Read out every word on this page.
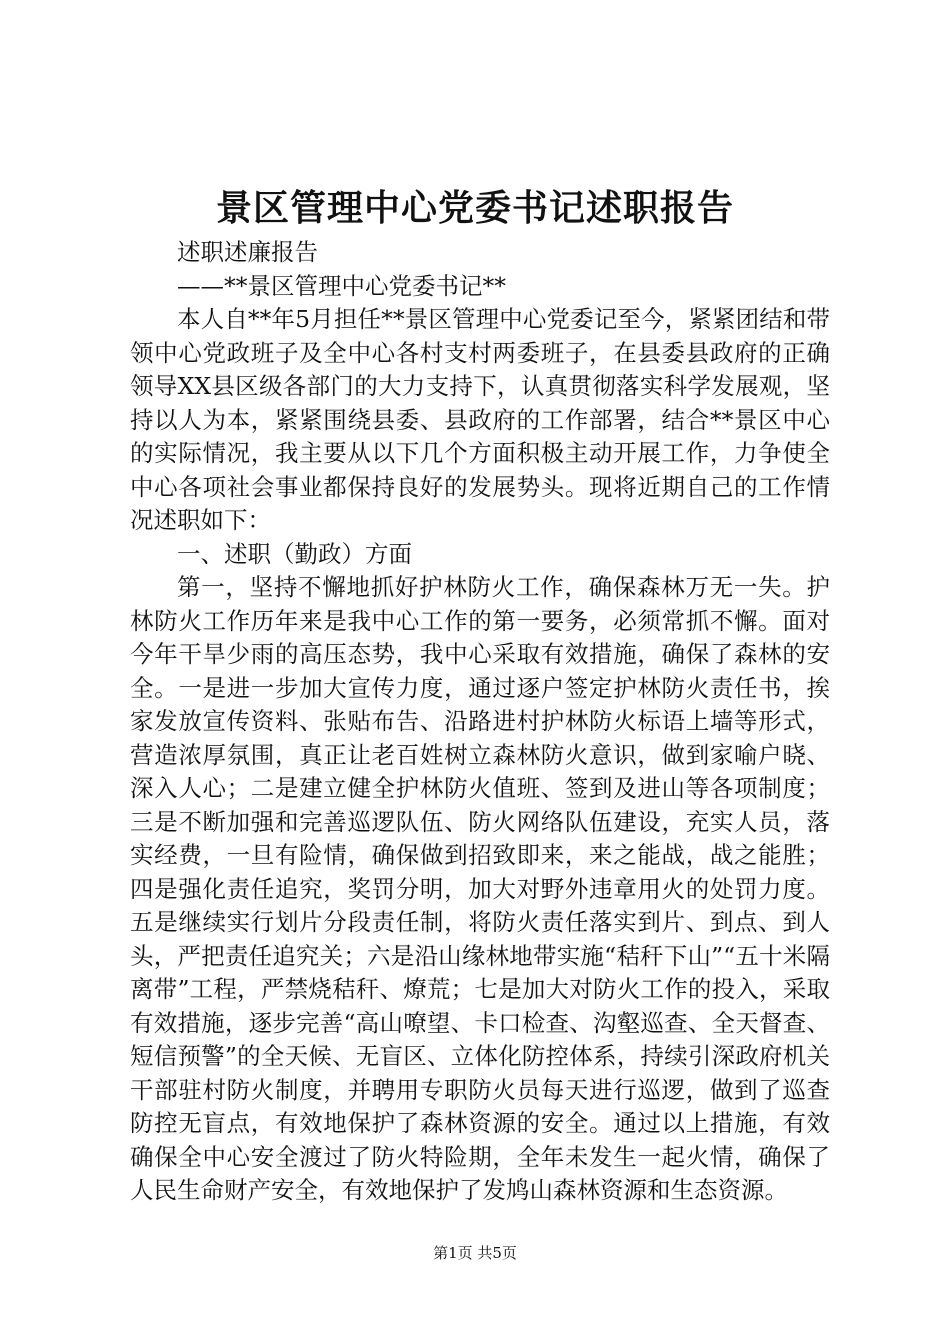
景区管理中心党委书记述职报告

述职述廉报告

——**景区管理中心党委书记**

本人自**年5月担任**景区管理中心党委记至今，紧紧团结和带领中心党政班子及全中心各村支村两委班子，在县委县政府的正确领导XX县区级各部门的大力支持下，认真贯彻落实科学发展观，坚持以人为本，紧紧围绕县委、县政府的工作部署，结合**景区中心的实际情况，我主要从以下几个方面积极主动开展工作，力争使全中心各项社会事业都保持良好的发展势头。现将近期自己的工作情况述职如下：

一、述职（勤政）方面

第一，坚持不懈地抓好护林防火工作，确保森林万无一失。护林防火工作历年来是我中心工作的第一要务，必须常抓不懈。面对今年干旱少雨的高压态势，我中心采取有效措施，确保了森林的安全。一是进一步加大宣传力度，通过逐户签定护林防火责任书，挨家发放宣传资料、张贴布告、沿路进村护林防火标语上墙等形式，营造浓厚氛围，真正让老百姓树立森林防火意识，做到家喻户晓、深入人心；二是建立健全护林防火值班、签到及进山等各项制度；三是不断加强和完善巡逻队伍、防火网络队伍建设，充实人员，落实经费，一旦有险情，确保做到招致即来，来之能战，战之能胜；四是强化责任追究，奖罚分明，加大对野外违章用火的处罚力度。五是继续实行划片分段责任制，将防火责任落实到片、到点、到人头，严把责任追究关；六是沿山缘林地带实施“秸秆下山”“五十米隔离带”工程，严禁烧秸秆、燎荒；七是加大对防火工作的投入，采取有效措施，逐步完善“高山嘹望、卡口检查、沟壑巡查、全天督查、短信预警”的全天候、无盲区、立体化防控体系，持续引深政府机关干部驻村防火制度，并聘用专职防火员每天进行巡逻，做到了巡查防控无盲点，有效地保护了森林资源的安全。通过以上措施，有效确保全中心安全渡过了防火特险期，全年未发生一起火情，确保了人民生命财产安全，有效地保护了发鸠山森林资源和生态资源。

第1页 共5页
